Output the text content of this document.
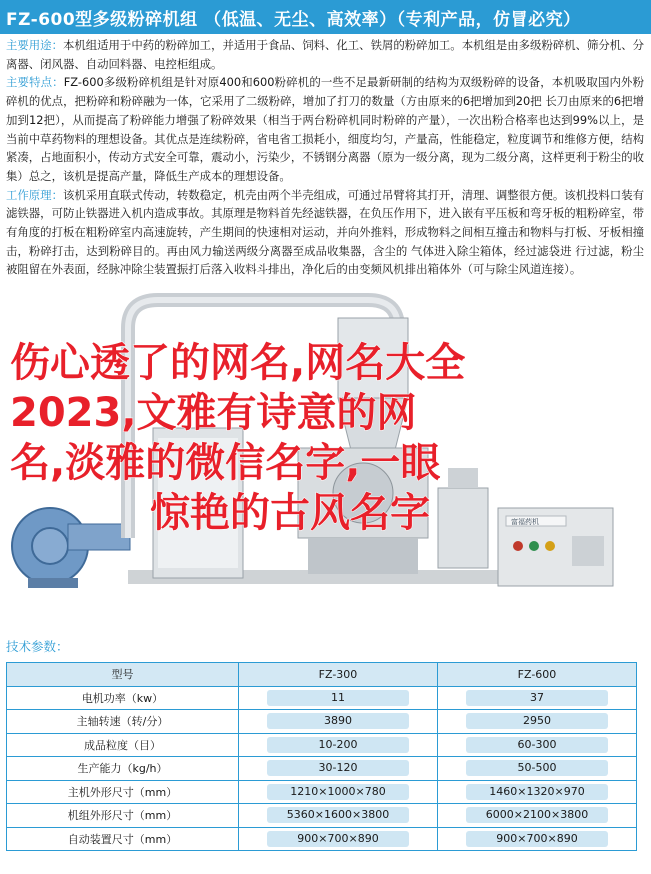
FZ-600型多级粉碎机组 （低温、无尘、高效率）（专利产品，仿冒必究）

主要用途：本机组适用于中药的粉碎加工，并适用于食品、饲料、化工、铁屑的粉碎加工。本机组是由多级粉碎机、筛分机、分离器、闭风器、自动回料器、电控柜组成。

主要特点：FZ-600多级粉碎机组是针对原400和600粉碎机的一些不足最新研制的结构为双级粉碎的设备，本机吸取国内外粉碎机的优点，把粉碎和粉碎融为一体，它采用了二级粉碎，增加了打刀的数量（方由原来的6把增加到20把 长刀由原来的6把增加到12把），从而提高了粉碎能力增强了粉碎效果（相当于两台粉碎机同时粉碎的产量），一次出粉合格率也达到99%以上，是当前中草药物料的理想设备。其优点是连续粉碎，省电省工损耗小，细度均匀，产量高，性能稳定，粒度调节和维修方便，结构紧凑，占地面积小，传动方式安全可靠，震动小，污染少，不锈钢分离器（原为一级分离，现为二级分离，这样更利于粉尘的收集）总之，该机是提高产量，降低生产成本的理想设备。

工作原理：该机采用直联式传动，转数稳定，机壳由两个半壳组成，可通过吊臂将其打开，清理、调整很方便。该机投料口装有滤铁器，可防止铁器进入机内造成事故。其原理是物料首先经滤铁器，在负压作用下，进入嵌有平压板和弯牙板的粗粉碎室，带有角度的打板在粗粉碎室内高速旋转，产生期间的快速相对运动，并向外推料，形成物料之间相互撞击和物料与打板、牙板相撞击，粉碎打击，达到粉碎目的。再由风力输送两级分离器至成品收集器，含尘的 气体进入除尘箱体，经过滤袋进 行过滤，粉尘被阻留在外表面，经脉冲除尘装置振打后落入收料斗排出，净化后的由变频风机排出箱体外（可与除尘风道连接）。

富福药机
伤心透了的网名,网名大全
2023,文雅有诗意的网
名,淡雅的微信名字,一眼
惊艳的古风名字
技术参数：
型号	FZ-300	FZ-600
电机功率（kw）	11	37
主轴转速（转/分）	3890	2950
成品粒度（目）	10-200	60-300
生产能力（kg/h）	30-120	50-500
主机外形尺寸（mm）	1210×1000×780	1460×1320×970
机组外形尺寸（mm）	5360×1600×3800	6000×2100×3800
自动装置尺寸（mm）	900×700×890	900×700×890
